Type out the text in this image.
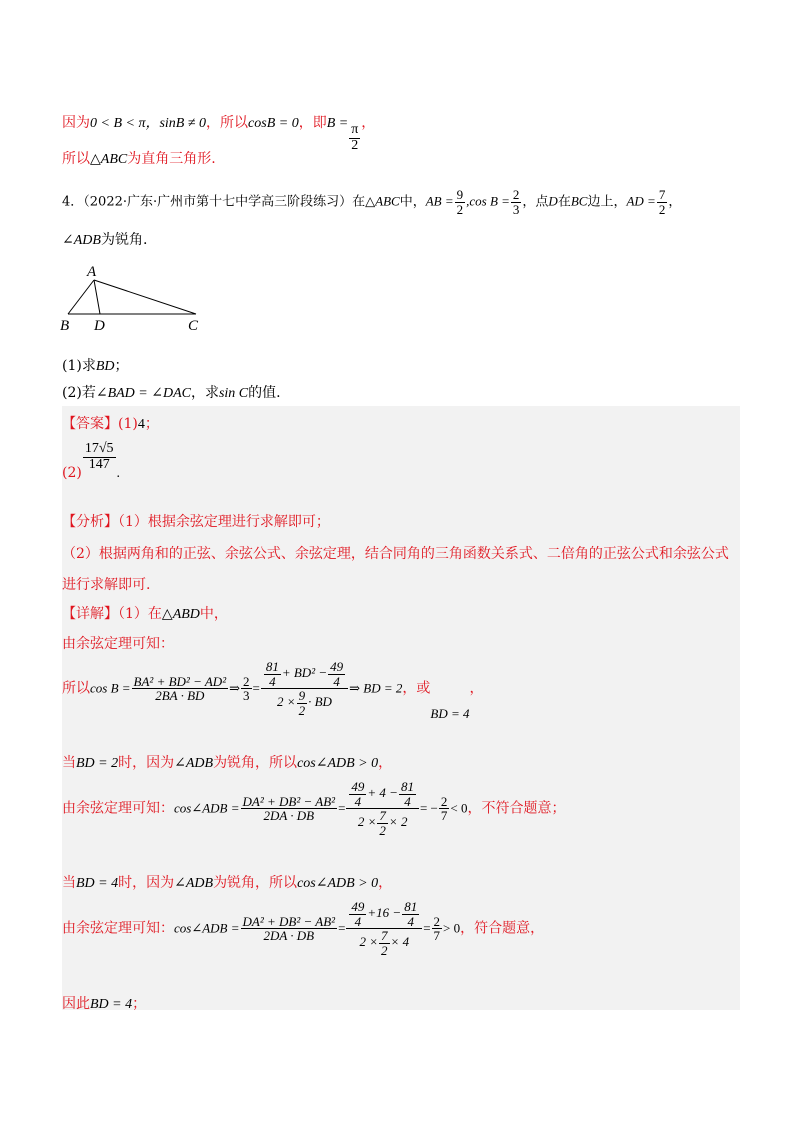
因为0 < B < π，sinB ≠ 0，所以cosB = 0，即$B = \frac{\pi}{2}$ ，
所以△ABC为直角三角形.
4．（2022·广东·广州市第十七中学高三阶段练习）在△ABC中，AB = $\frac{9}{2} ,\cos$ $B = \frac{2}{3}$ ，点D在BC边上，AD = $\frac{7}{2}$ ，
∠ADB为锐角.
A
B D	C
(1)求BD；
(2)若∠BAD = ∠DAC，求sin C的值.
【答案】(1)4；
(2)
$\frac{17√5}{147}$
.
【分析】（1）根据余弦定理进行求解即可；
（2）根据两角和的正弦、余弦公式、余弦定理，结合同角的三角函数关系式、二倍角的正弦公式和余弦公式
进行求解即可.
【详解】（1）在△ABD中，
由余弦定理可知：
所以$\cos B = \frac{\text{BA² + BD² − AD²}}{2BA \cdot BD}$ ⇒ $\frac{2}{3} = \frac{\frac{81}{4} + BD^2 - \frac{49}{4}}{2 \times \frac{9}{2} \cdot BD}$ ⇒ BD = 2，或BD = 4，
当BD = 2时，因为∠ADB为锐角，所以cos∠ADB > 0，
由余弦定理可知：cos∠ADB = $\frac{\text{DA² + DB² − AB²}}{2DA \cdot DB} = \frac{\frac{49}{4} + 4 - \frac{81}{4}}{2 \times \frac{7}{2} \times 2}$ = − $\frac{2}{7} < 0$，不符合题意；
当BD = 4时，因为∠ADB为锐角，所以cos∠ADB > 0，
由余弦定理可知：cos∠ADB = $\frac{\text{DA² + DB² − AB²}}{2DA \cdot DB} = \frac{\frac{49}{4} +16 - \frac{81}{4}}{2 \times \frac{7}{2} \times 4} = \frac{2}{7} > 0$，符合题意，
因此BD = 4；
